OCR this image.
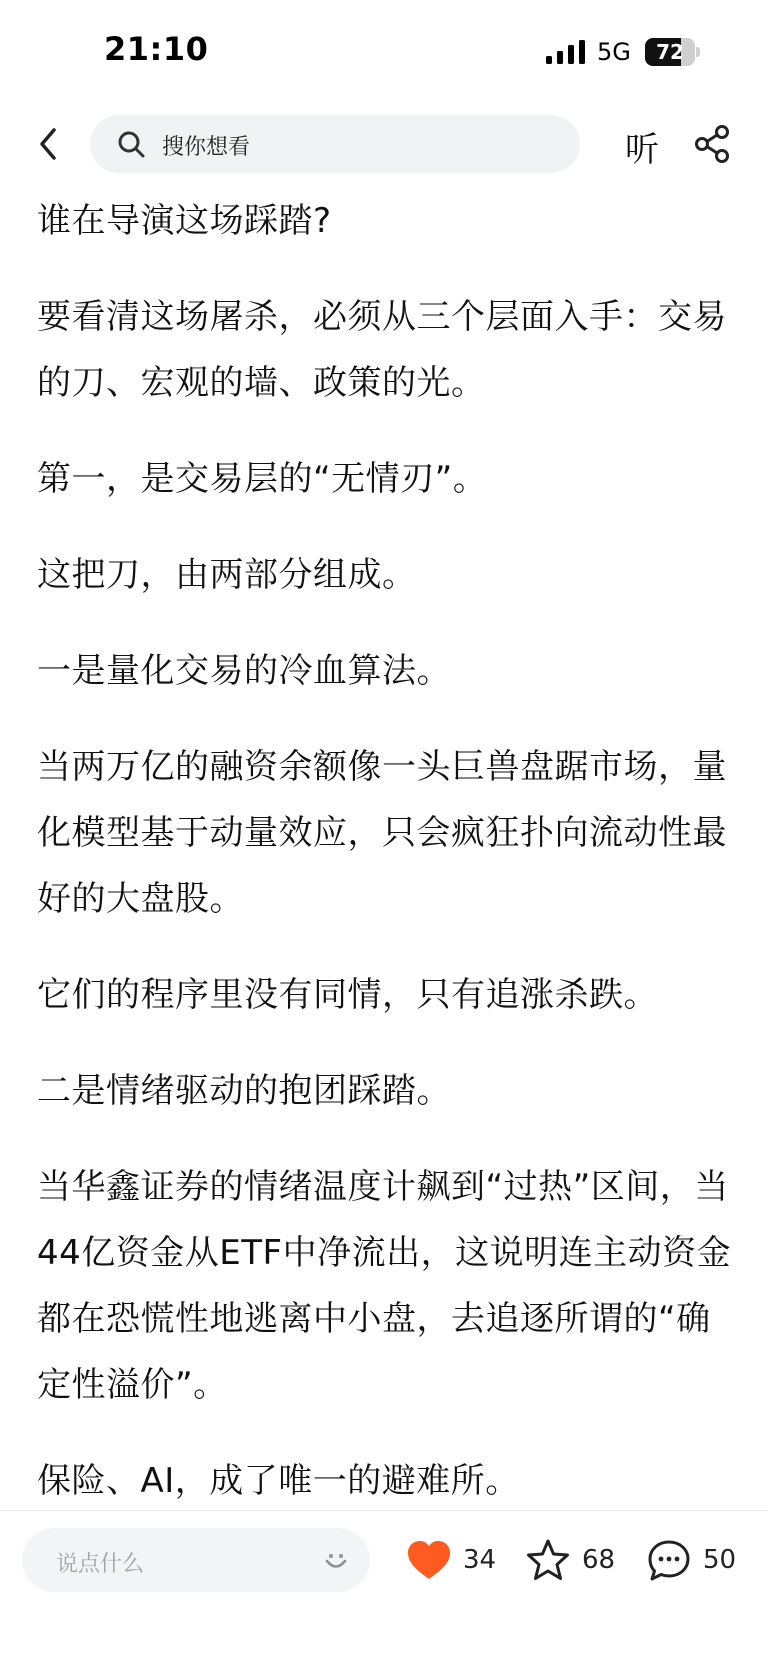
21:10	5G	72
搜你想看	听

谁在导演这场踩踏?

要看清这场屠杀，必须从三个层面入手：交易的刀、宏观的墙、政策的光。

第一，是交易层的“无情刃”。

这把刀，由两部分组成。

一是量化交易的冷血算法。

当两万亿的融资余额像一头巨兽盘踞市场，量化模型基于动量效应，只会疯狂扑向流动性最好的大盘股。

它们的程序里没有同情，只有追涨杀跌。

二是情绪驱动的抱团踩踏。

当华鑫证券的情绪温度计飙到“过热”区间，当44亿资金从ETF中净流出，这说明连主动资金都在恐慌性地逃离中小盘，去追逐所谓的“确定性溢价”。

保险、AI，成了唯一的避难所。

说点什么	34	68	50
